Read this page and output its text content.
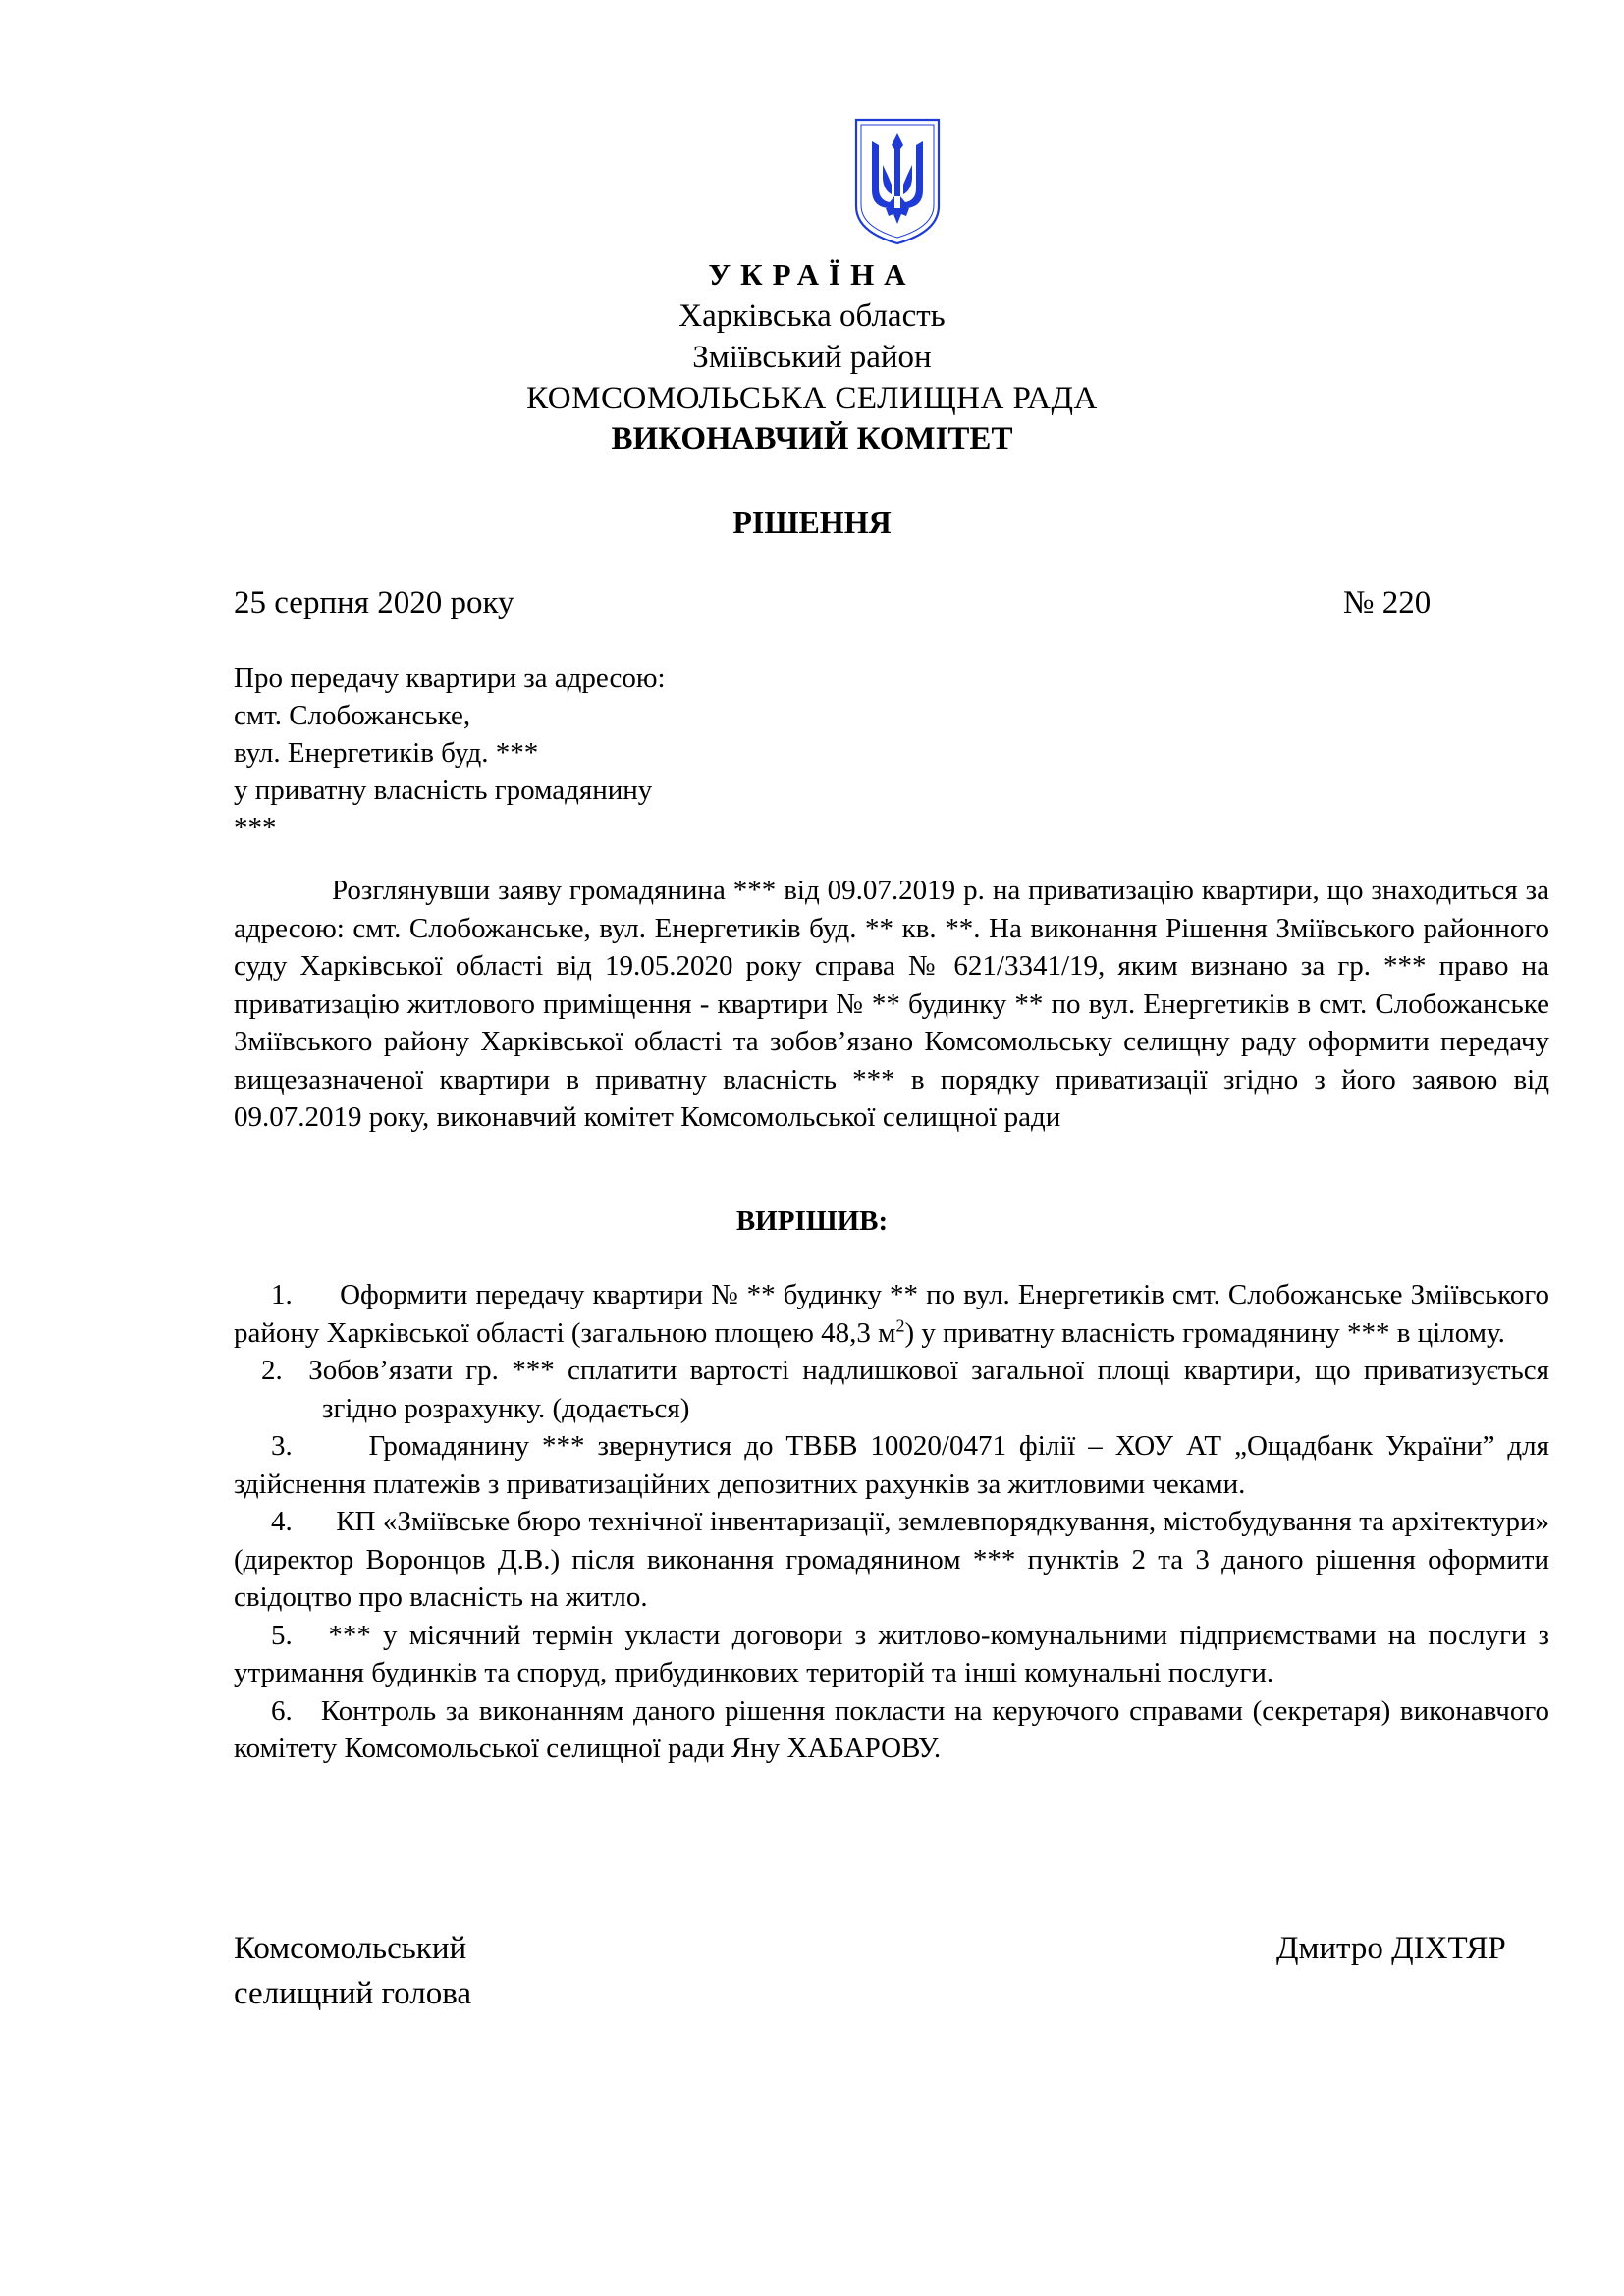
УКРАЇНА
Харківська область
Зміївський район
КОМСОМОЛЬСЬКА СЕЛИЩНА РАДА
ВИКОНАВЧИЙ КОМІТЕТ
РІШЕННЯ
25 серпня 2020 року	№ 220
Про передачу квартири за адресою:
смт. Слобожанське,
вул. Енергетиків буд. ***
у приватну власність громадянину
***
Розглянувши заяву громадянина *** від 09.07.2019 р. на приватизацію квартири, що знаходиться за адресою: смт. Слобожанське, вул. Енергетиків буд. ** кв. **. На виконання Рішення Зміївського районного суду Харківської області від 19.05.2020 року справа № 621/3341/19, яким визнано за гр. *** право на приватизацію житлового приміщення - квартири № ** будинку ** по вул. Енергетиків в смт. Слобожанське Зміївського району Харківської області та зобов’язано Комсомольську селищну раду оформити передачу вищезазначеної квартири в приватну власність *** в порядку приватизації згідно з його заявою від 09.07.2019 року, виконавчий комітет Комсомольської селищної ради
ВИРІШИВ:
1. Оформити передачу квартири № ** будинку ** по вул. Енергетиків смт. Слобожанське Зміївського району Харківської області (загальною площею 48,3 $м^2$) у приватну власність громадянину *** в цілому.
2. Зобов’язати гр. *** сплатити вартості надлишкової загальної площі квартири, що приватизується згідно розрахунку. (додається)
3.	Громадянину *** звернутися до ТВБВ 10020/0471 філії – ХОУ АТ „Ощадбанк України” для здійснення платежів з приватизаційних депозитних рахунків за житловими чеками.
4. КП «Зміївське бюро технічної інвентаризації, землевпорядкування, містобудування та архітектури» (директор Воронцов Д.В.) після виконання громадянином *** пунктів 2 та 3 даного рішення оформити свідоцтво про власність на житло.
5. *** у місячний термін укласти договори з житлово-комунальними підприємствами на послуги з утримання будинків та споруд, прибудинкових територій та інші комунальні послуги.
6. Контроль за виконанням даного рішення покласти на керуючого справами (секретаря) виконавчого комітету Комсомольської селищної ради Яну ХАБАРОВУ.
Комсомольський
селищний голова
Дмитро ДІХТЯР
